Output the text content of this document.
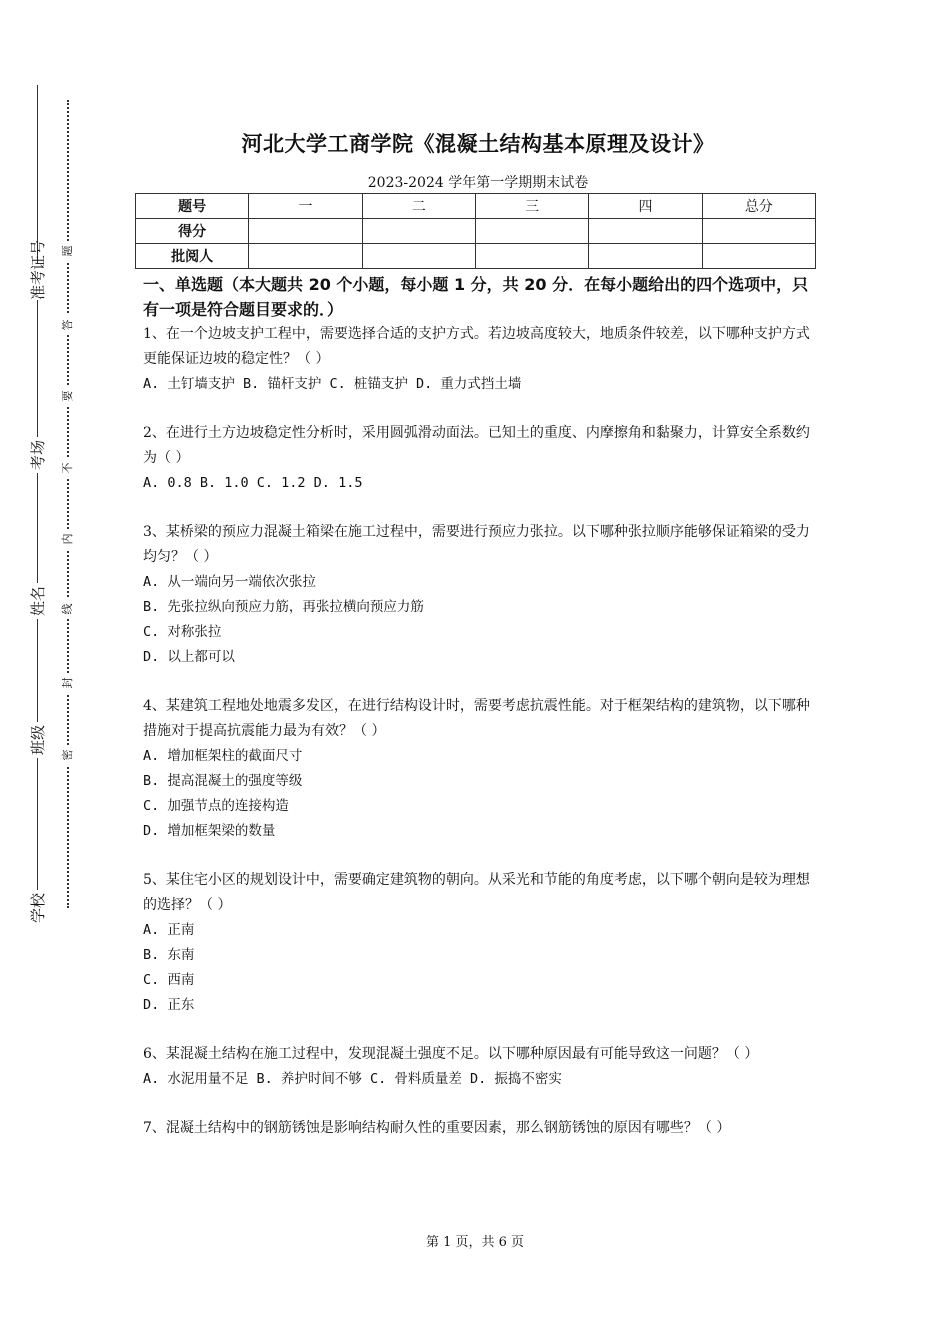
准考证号
考场
姓名
班级
学校
题
答
要
不
内
线
封
密
河北大学工商学院《混凝土结构基本原理及设计》
2023-2024 学年第一学期期末试卷
题号	一	二	三	四	总分
得分					
批阅人					
一、单选题（本大题共 20 个小题，每小题 1 分，共 20 分．在每小题给出的四个选项中，只有一项是符合题目要求的．）

1、在一个边坡支护工程中，需要选择合适的支护方式。若边坡高度较大，地质条件较差，以下哪种支护方式更能保证边坡的稳定性？（ ）

A. 土钉墙支护 B. 锚杆支护 C. 桩锚支护 D. 重力式挡土墙

2、在进行土方边坡稳定性分析时，采用圆弧滑动面法。已知土的重度、内摩擦角和黏聚力，计算安全系数约为（ ）

A. 0.8 B. 1.0 C. 1.2 D. 1.5

3、某桥梁的预应力混凝土箱梁在施工过程中，需要进行预应力张拉。以下哪种张拉顺序能够保证箱梁的受力均匀？（ ）

A. 从一端向另一端依次张拉

B. 先张拉纵向预应力筋，再张拉横向预应力筋

C. 对称张拉

D. 以上都可以

4、某建筑工程地处地震多发区，在进行结构设计时，需要考虑抗震性能。对于框架结构的建筑物，以下哪种措施对于提高抗震能力最为有效？（ ）

A. 增加框架柱的截面尺寸

B. 提高混凝土的强度等级

C. 加强节点的连接构造

D. 增加框架梁的数量

5、某住宅小区的规划设计中，需要确定建筑物的朝向。从采光和节能的角度考虑，以下哪个朝向是较为理想的选择？（ ）

A. 正南

B. 东南

C. 西南

D. 正东

6、某混凝土结构在施工过程中，发现混凝土强度不足。以下哪种原因最有可能导致这一问题？（ ）

A. 水泥用量不足 B. 养护时间不够 C. 骨料质量差 D. 振捣不密实

7、混凝土结构中的钢筋锈蚀是影响结构耐久性的重要因素，那么钢筋锈蚀的原因有哪些？（ ）

第 1 页，共 6 页
